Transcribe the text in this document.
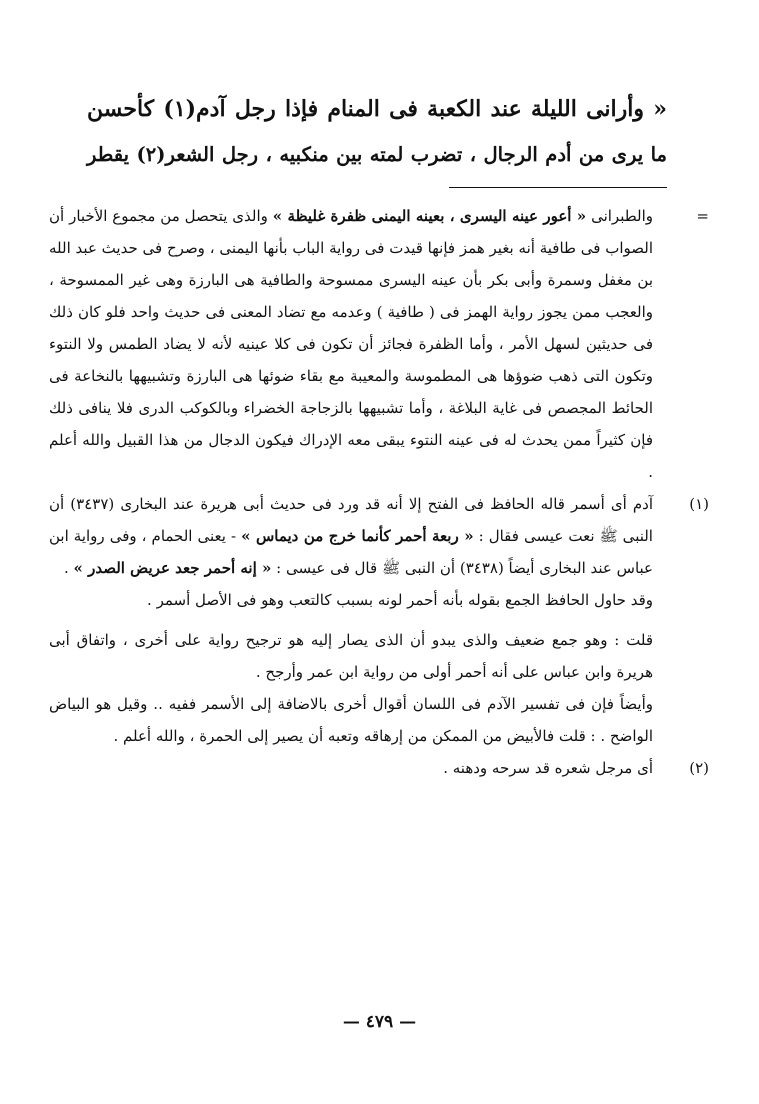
« وأرانى الليلة عند الكعبة فى المنام فإذا رجل آدم(١) كأحسن
ما يرى من أدم الرجال ، تضرب لمته بين منكبيه ، رجل الشعر(٢) يقطر

=
والطبرانى « أعور عينه اليسرى ، بعينه اليمنى ظفرة غليظة » والذى يتحصل من مجموع الأخبار أن الصواب فى طافية أنه بغير همز فإنها قيدت فى رواية الباب بأنها اليمنى ، وصرح فى حديث عبد الله بن مغفل وسمرة وأبى بكر بأن عينه اليسرى ممسوحة والطافية هى البارزة وهى غير الممسوحة ، والعجب ممن يجوز رواية الهمز فى ( طافية ) وعدمه مع تضاد المعنى فى حديث واحد فلو كان ذلك فى حديثين لسهل الأمر ، وأما الظفرة فجائز أن تكون فى كلا عينيه لأنه لا يضاد الطمس ولا النتوء وتكون التى ذهب ضوؤها هى المطموسة والمعيبة مع بقاء ضوئها هى البارزة وتشبيهها بالنخاعة فى الحائط المجصص فى غاية البلاغة ، وأما تشبيهها بالزجاجة الخضراء وبالكوكب الدرى فلا ينافى ذلك فإن كثيراً ممن يحدث له فى عينه النتوء يبقى معه الإدراك فيكون الدجال من هذا القبيل والله أعلم .

(١)
آدم أى أسمر قاله الحافظ فى الفتح إلا أنه قد ورد فى حديث أبى هريرة عند البخارى (٣٤٣٧) أن النبى ﷺ نعت عيسى فقال : « ربعة أحمر كأنما خرج من ديماس » - يعنى الحمام ، وفى رواية ابن عباس عند البخارى أيضاً (٣٤٣٨) أن النبى ﷺ قال فى عيسى : « إنه أحمر جعد عريض الصدر » .

وقد حاول الحافظ الجمع بقوله بأنه أحمر لونه بسبب كالتعب وهو فى الأصل أسمر .

قلت : وهو جمع ضعيف والذى يبدو أن الذى يصار إليه هو ترجيح رواية على أخرى ، واتفاق أبى هريرة وابن عباس على أنه أحمر أولى من رواية ابن عمر وأرجح .

وأيضاً فإن فى تفسير الآدم فى اللسان أقوال أخرى بالاضافة إلى الأسمر ففيه .. وقيل هو البياض الواضح . : قلت فالأبيض من الممكن من إرهاقه وتعبه أن يصير إلى الحمرة ، والله أعلم .

(٢)
أى مرجل شعره قد سرحه ودهنه .

— ٤٧٩ —
